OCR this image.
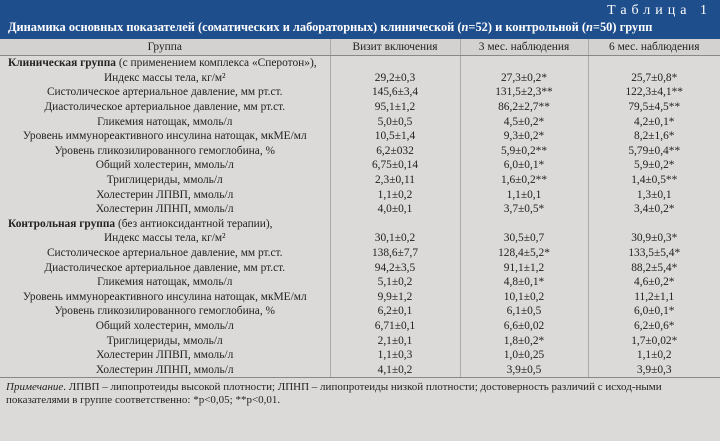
Таблица 1
Динамика основных показателей (соматических и лабораторных) клинической (n=52) и контрольной (n=50) групп
Группа	Визит включения	3 мес. наблюдения	6 мес. наблюдения
Клиническая группа (с применением комплекса «Сперотон»),			
Индекс массы тела, кг/м²	29,2±0,3	27,3±0,2*	25,7±0,8*
Систолическое артериальное давление, мм рт.ст.	145,6±3,4	131,5±2,3**	122,3±4,1**
Диастолическое артериальное давление, мм рт.ст.	95,1±1,2	86,2±2,7**	79,5±4,5**
Гликемия натощак, ммоль/л	5,0±0,5	4,5±0,2*	4,2±0,1*
Уровень иммунореактивного инсулина натощак, мкМЕ/мл	10,5±1,4	9,3±0,2*	8,2±1,6*
Уровень гликозилированного гемоглобина, %	6,2±032	5,9±0,2**	5,79±0,4**
Общий холестерин, ммоль/л	6,75±0,14	6,0±0,1*	5,9±0,2*
Триглицериды, ммоль/л	2,3±0,11	1,6±0,2**	1,4±0,5**
Холестерин ЛПВП, ммоль/л	1,1±0,2	1,1±0,1	1,3±0,1
Холестерин ЛПНП, ммоль/л	4,0±0,1	3,7±0,5*	3,4±0,2*
Контрольная группа (без антиоксидантной терапии),			
Индекс массы тела, кг/м²	30,1±0,2	30,5±0,7	30,9±0,3*
Систолическое артериальное давление, мм рт.ст.	138,6±7,7	128,4±5,2*	133,5±5,4*
Диастолическое артериальное давление, мм рт.ст.	94,2±3,5	91,1±1,2	88,2±5,4*
Гликемия натощак, ммоль/л	5,1±0,2	4,8±0,1*	4,6±0,2*
Уровень иммунореактивного инсулина натощак, мкМЕ/мл	9,9±1,2	10,1±0,2	11,2±1,1
Уровень гликозилированного гемоглобина, %	6,2±0,1	6,1±0,5	6,0±0,1*
Общий холестерин, ммоль/л	6,71±0,1	6,6±0,02	6,2±0,6*
Триглицериды, ммоль/л	2,1±0,1	1,8±0,2*	1,7±0,02*
Холестерин ЛПВП, ммоль/л	1,1±0,3	1,0±0,25	1,1±0,2
Холестерин ЛПНП, ммоль/л	4,1±0,2	3,9±0,5	3,9±0,3
Примечание. ЛПВП – липопротеиды высокой плотности; ЛПНП – липопротеиды низкой плотности; достоверность различий с исход-ными показателями в группе соответственно: *p<0,05; **p<0,01.
